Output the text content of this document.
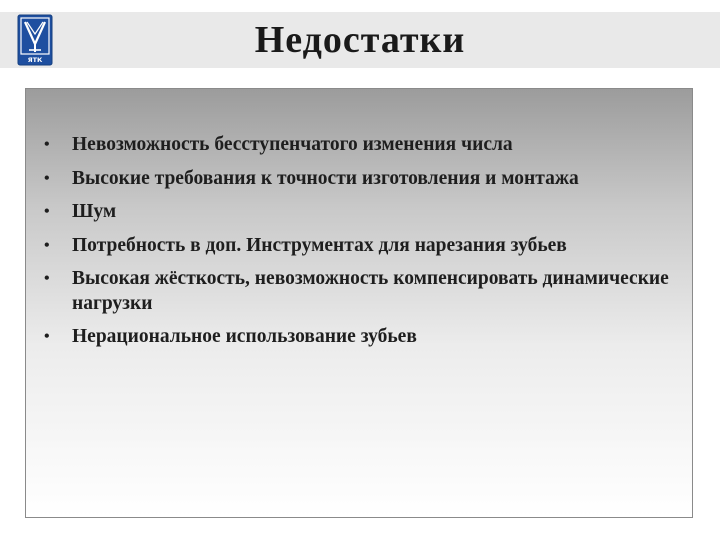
ЯТК	Недостатки
• Невозможность бесступенчатого изменения числа
• Высокие требования к точности изготовления и монтажа
• Шум
• Потребность в доп. Инструментах для нарезания зубьев
• Высокая жёсткость, невозможность компенсировать динамические нагрузки
• Нерациональное использование зубьев
